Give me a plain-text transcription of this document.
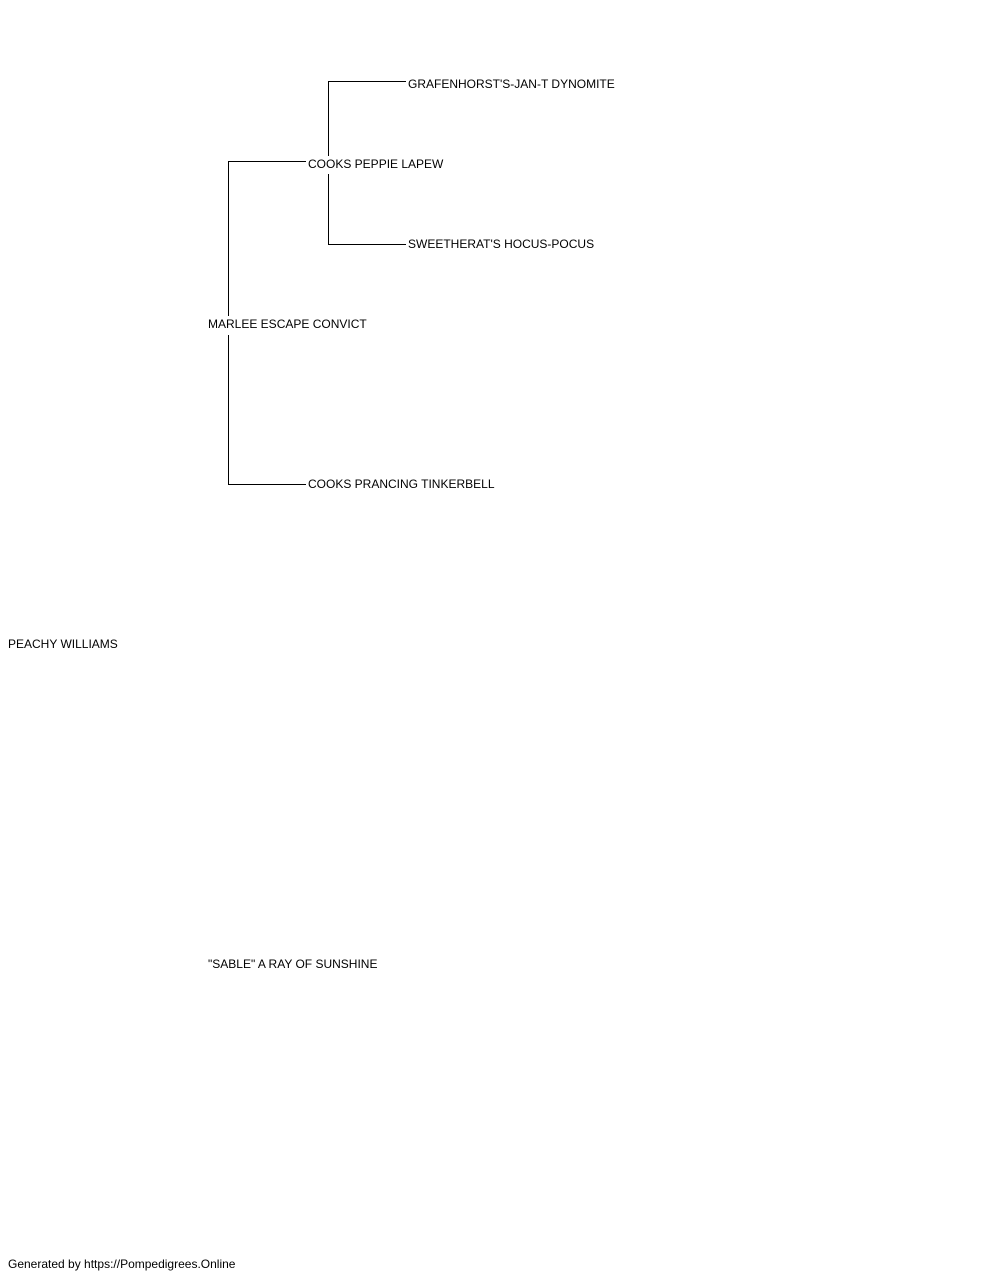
PEACHY WILLIAMS
MARLEE ESCAPE CONVICT
"SABLE" A RAY OF SUNSHINE
COOKS PEPPIE LAPEW
COOKS PRANCING TINKERBELL
GRAFENHORST'S-JAN-T DYNOMITE
SWEETHERAT'S HOCUS-POCUS
Generated by https://Pompedigrees.Online
